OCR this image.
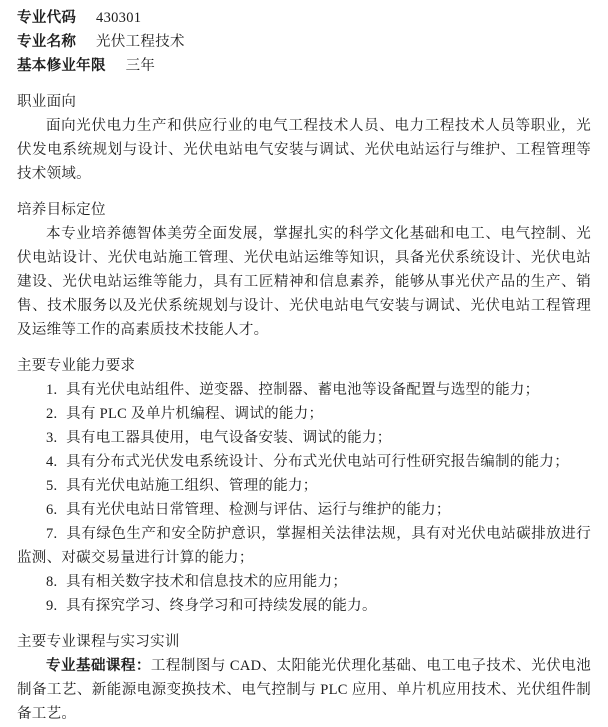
专业代码 430301

专业名称 光伏工程技术

基本修业年限 三年

职业面向

面向光伏电力生产和供应行业的电气工程技术人员、电力工程技术人员等职业，光伏发电系统规划与设计、光伏电站电气安装与调试、光伏电站运行与维护、工程管理等技术领域。

培养目标定位

本专业培养德智体美劳全面发展，掌握扎实的科学文化基础和电工、电气控制、光伏电站设计、光伏电站施工管理、光伏电站运维等知识，具备光伏系统设计、光伏电站建设、光伏电站运维等能力，具有工匠精神和信息素养，能够从事光伏产品的生产、销售、技术服务以及光伏系统规划与设计、光伏电站电气安装与调试、光伏电站工程管理及运维等工作的高素质技术技能人才。

主要专业能力要求

1. 具有光伏电站组件、逆变器、控制器、蓄电池等设备配置与选型的能力；

2. 具有 PLC 及单片机编程、调试的能力；

3. 具有电工器具使用，电气设备安装、调试的能力；

4. 具有分布式光伏发电系统设计、分布式光伏电站可行性研究报告编制的能力；

5. 具有光伏电站施工组织、管理的能力；

6. 具有光伏电站日常管理、检测与评估、运行与维护的能力；

7. 具有绿色生产和安全防护意识，掌握相关法律法规，具有对光伏电站碳排放进行监测、对碳交易量进行计算的能力；

8. 具有相关数字技术和信息技术的应用能力；

9. 具有探究学习、终身学习和可持续发展的能力。

主要专业课程与实习实训

专业基础课程：工程制图与 CAD、太阳能光伏理化基础、电工电子技术、光伏电池制备工艺、新能源电源变换技术、电气控制与 PLC 应用、单片机应用技术、光伏组件制备工艺。
